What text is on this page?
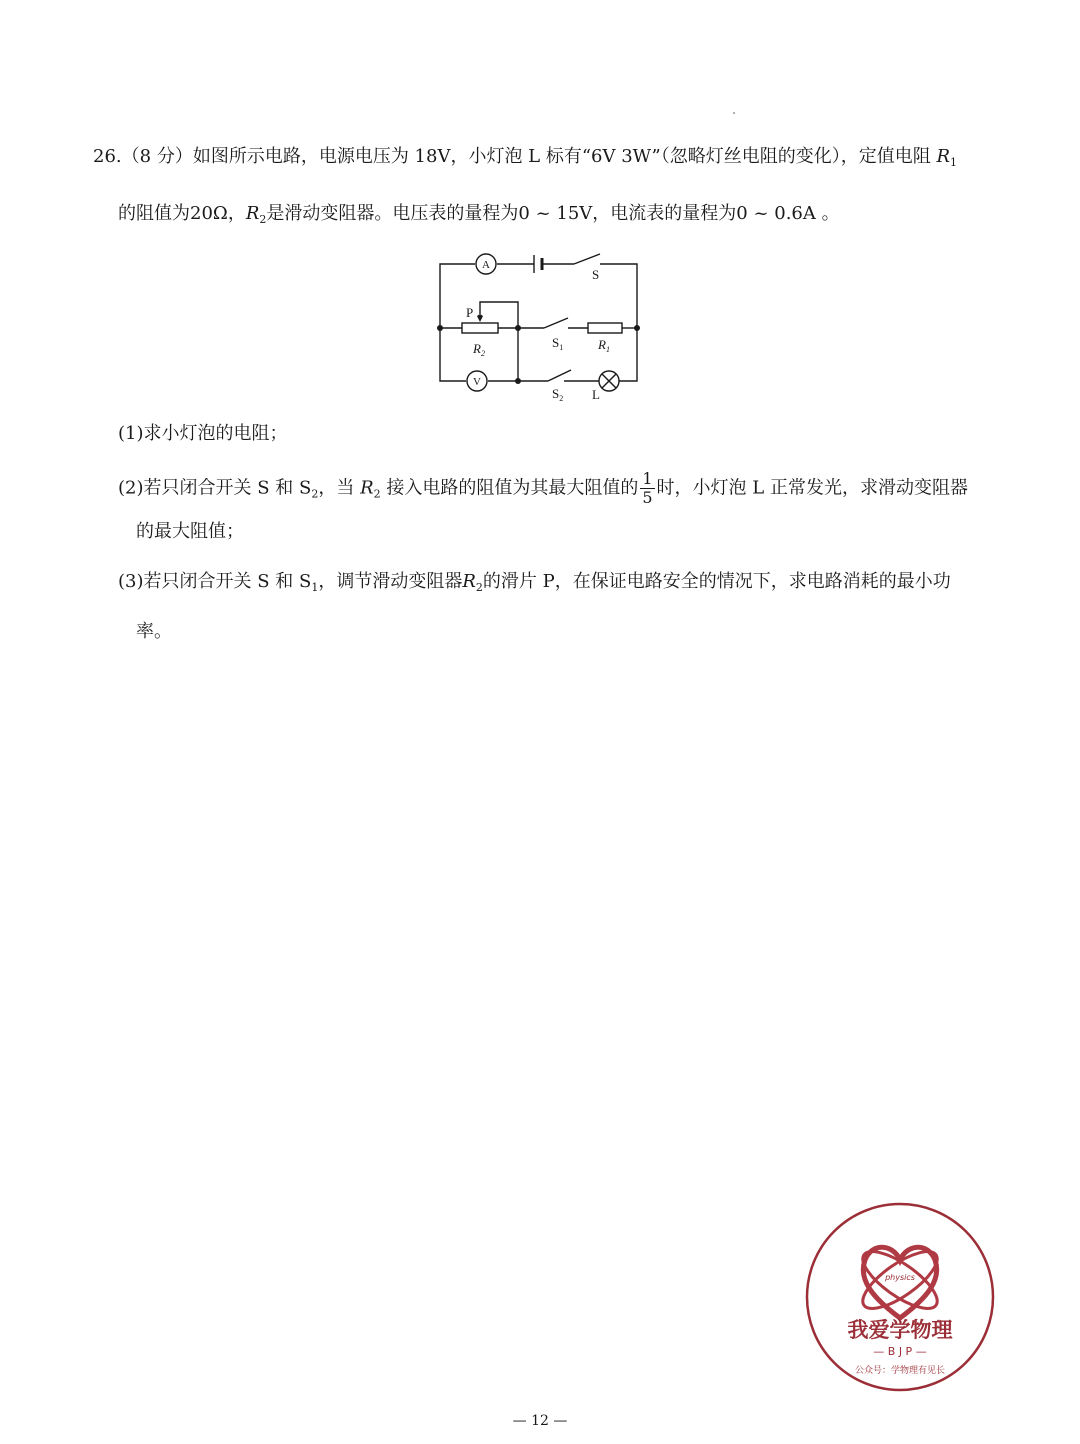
26.（8 分）如图所示电路，电源电压为 18V，小灯泡 L 标有“6V 3W”（忽略灯丝电阻的变化），定值电阻 $R_1$
的阻值为20Ω，$R_2$是滑动变阻器。电压表的量程为0 ~ 15V，电流表的量程为0 ~ 0.6A 。
A
S
P
$R_2$
$R_1$
$S_1$
V
$S_2$ L
(1)求小灯泡的电阻；
(2)若只闭合开关 S 和 $S_2$，当 $R_2$ 接入电路的阻值为其最大阻值的 $\frac{1}{5}$ 时，小灯泡 L 正常发光，求滑动变阻器
的最大阻值；
(3)若只闭合开关 S 和 $S_1$，调节滑动变阻器$R_2$的滑片 P，在保证电路安全的情况下，求电路消耗的最小功
率。
physics
我爱学物理
— B J P —
公众号：学物理有见长
— 12 —
